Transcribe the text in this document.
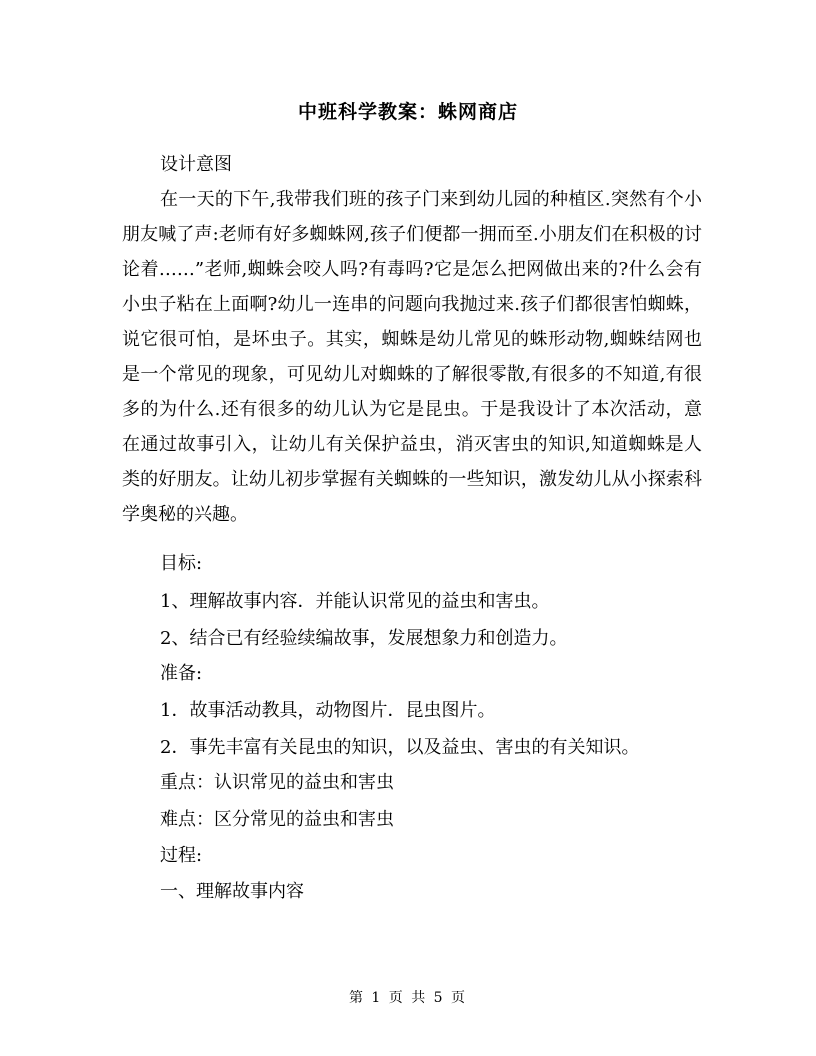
中班科学教案：蛛网商店

设计意图

在一天的下午,我带我们班的孩子门来到幼儿园的种植区.突然有个小朋友喊了声:老师有好多蜘蛛网,孩子们便都一拥而至.小朋友们在积极的讨论着……”老师,蜘蛛会咬人吗?有毒吗?它是怎么把网做出来的?什么会有小虫子粘在上面啊?幼儿一连串的问题向我抛过来.孩子们都很害怕蜘蛛，说它很可怕，是坏虫子。其实，蜘蛛是幼儿常见的蛛形动物,蜘蛛结网也是一个常见的现象，可见幼儿对蜘蛛的了解很零散,有很多的不知道,有很多的为什么.还有很多的幼儿认为它是昆虫。于是我设计了本次活动，意在通过故事引入，让幼儿有关保护益虫，消灭害虫的知识,知道蜘蛛是人类的好朋友。让幼儿初步掌握有关蜘蛛的一些知识，激发幼儿从小探索科学奥秘的兴趣。

目标:

1、理解故事内容．并能认识常见的益虫和害虫。

2、结合已有经验续编故事，发展想象力和创造力。

准备:

1．故事活动教具，动物图片．昆虫图片。

2．事先丰富有关昆虫的知识，以及益虫、害虫的有关知识。

重点：认识常见的益虫和害虫

难点：区分常见的益虫和害虫

过程:

一、理解故事内容

第 1 页 共 5 页
